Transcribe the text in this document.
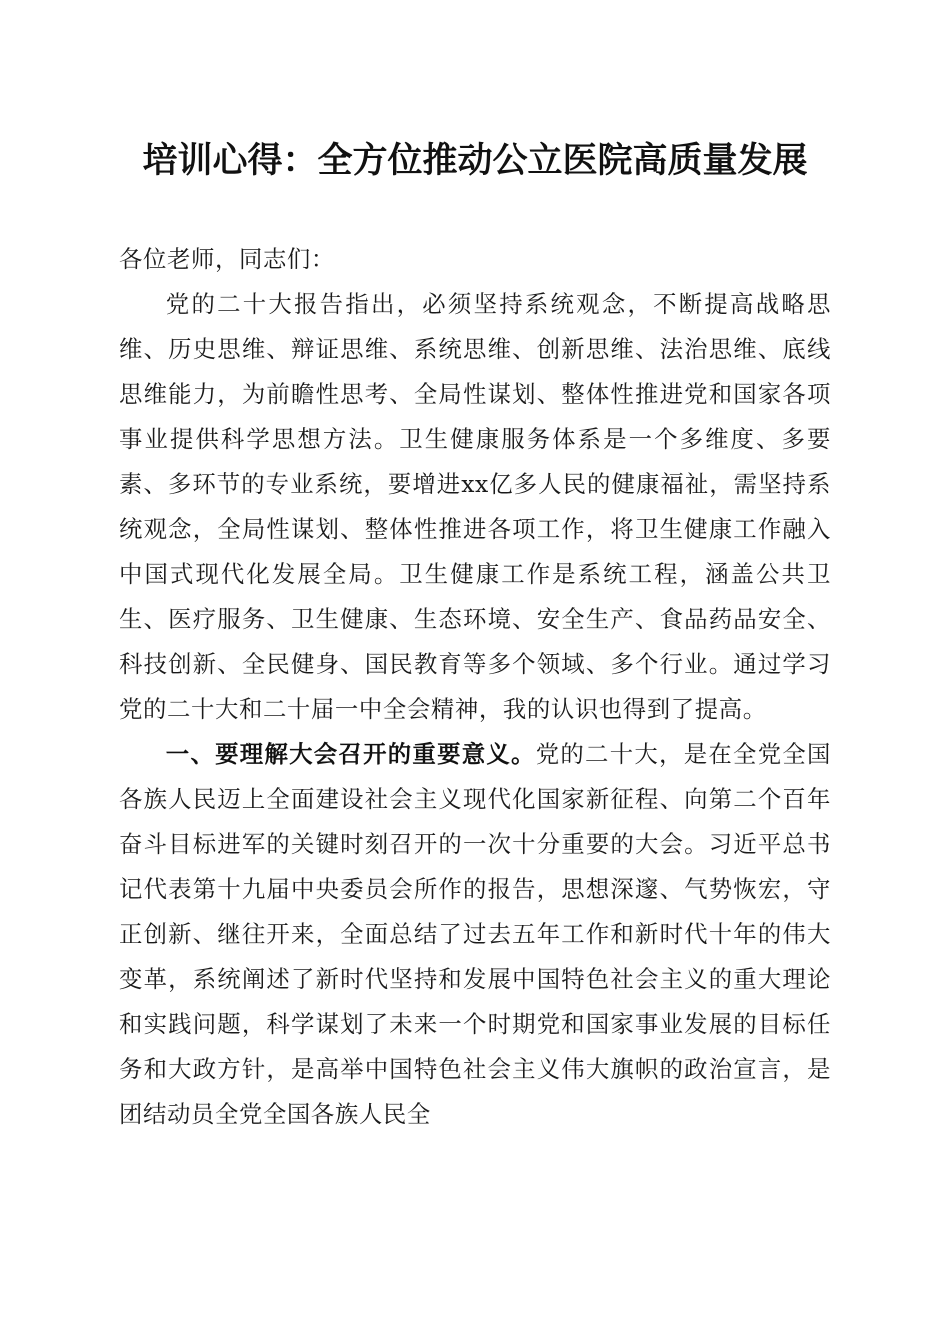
培训心得：全方位推动公立医院高质量发展

各位老师，同志们：

党的二十大报告指出，必须坚持系统观念，不断提高战略思维、历史思维、辩证思维、系统思维、创新思维、法治思维、底线思维能力，为前瞻性思考、全局性谋划、整体性推进党和国家各项事业提供科学思想方法。卫生健康服务体系是一个多维度、多要素、多环节的专业系统，要增进xx亿多人民的健康福祉，需坚持系统观念，全局性谋划、整体性推进各项工作，将卫生健康工作融入中国式现代化发展全局。卫生健康工作是系统工程，涵盖公共卫生、医疗服务、卫生健康、生态环境、安全生产、食品药品安全、科技创新、全民健身、国民教育等多个领域、多个行业。通过学习党的二十大和二十届一中全会精神，我的认识也得到了提高。

一、要理解大会召开的重要意义。党的二十大，是在全党全国各族人民迈上全面建设社会主义现代化国家新征程、向第二个百年奋斗目标进军的关键时刻召开的一次十分重要的大会。习近平总书记代表第十九届中央委员会所作的报告，思想深邃、气势恢宏，守正创新、继往开来，全面总结了过去五年工作和新时代十年的伟大变革，系统阐述了新时代坚持和发展中国特色社会主义的重大理论和实践问题，科学谋划了未来一个时期党和国家事业发展的目标任务和大政方针，是高举中国特色社会主义伟大旗帜的政治宣言，是团结动员全党全国各族人民全
